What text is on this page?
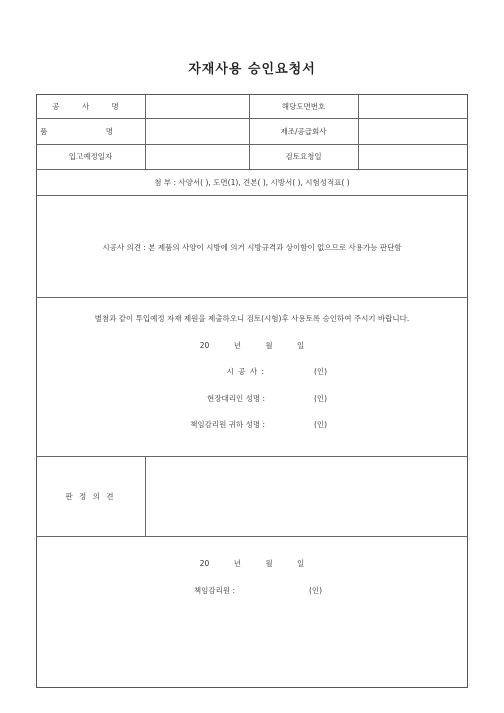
자재사용 승인요청서
공 사 명	해당도면번호
품 명	제조/공급회사
입고예정일자	검토요청일
첨 부 : 사양서( ), 도면(1), 견본( ), 시방서( ), 시험성적표( )
시공사 의견 : 본 제품의 사양이 시방에 의거 시방규격과 상이함이 없으므로 사용가능 판단함
별첨과 같이 투입예정 자재 제원을 제출하오니 검토(시험)후 사용토록 승인하여 주시기 바랍니다.
20 년 월 일
시 공 사 :	(인)
현장대리인 성명 :	(인)
책임감리원 귀하 성명 :	(인)
판 정 의 견
20 년 월 일
책임감리원 :	(인)
